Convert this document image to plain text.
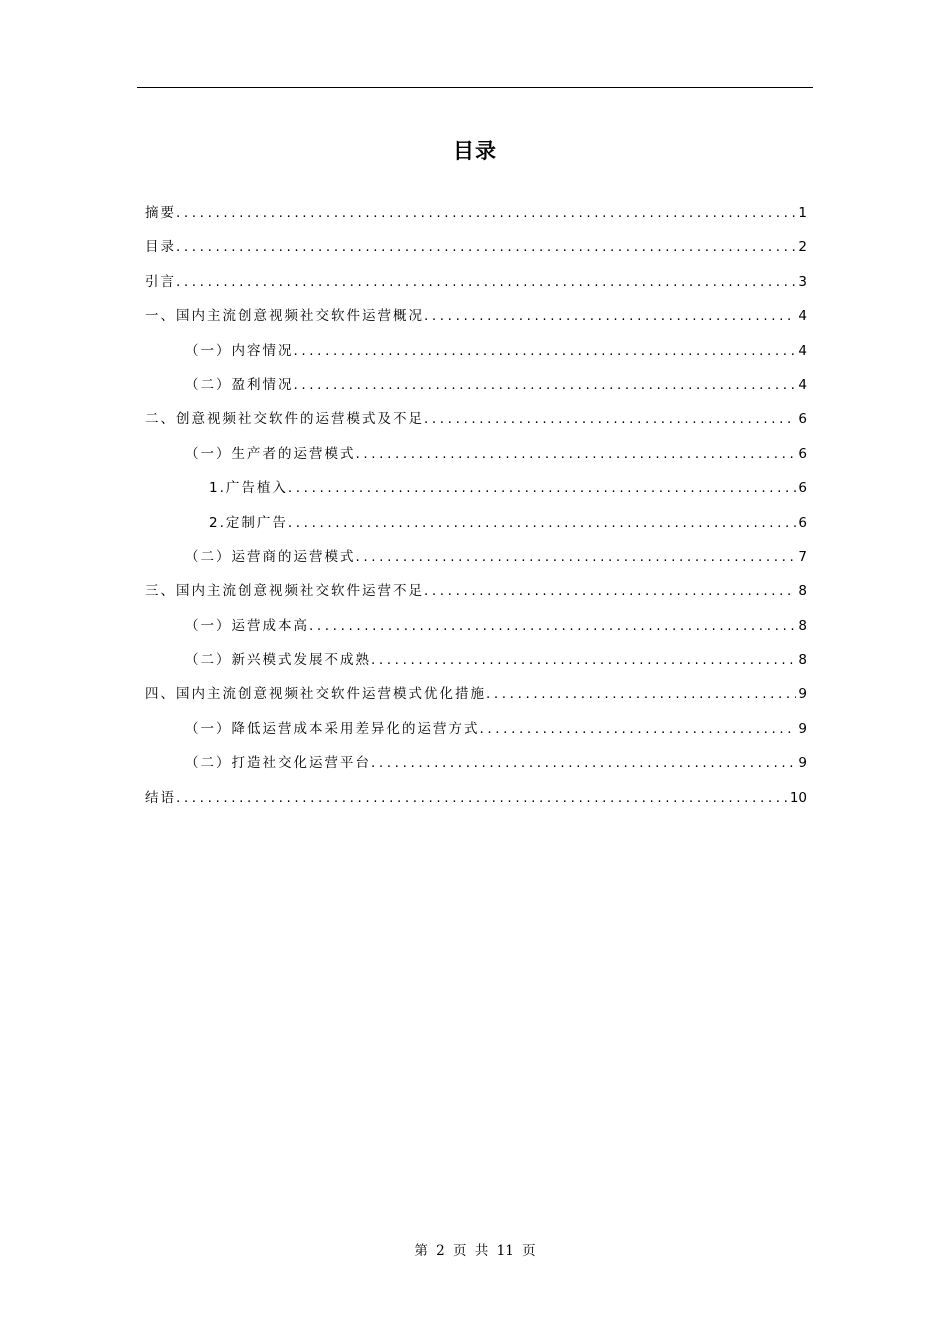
目录
摘要 .....	1
目录 .....	2
引言 .....	3
一、国内主流创意视频社交软件运营概况 .....	4
（一）内容情况 .....	4
（二）盈利情况 .....	4
二、创意视频社交软件的运营模式及不足 .....	6
（一）生产者的运营模式 .....	6
1.广告植入 .....	6
2.定制广告 .....	6
（二）运营商的运营模式 .....	7
三、国内主流创意视频社交软件运营不足 .....	8
（一）运营成本高 .....	8
（二）新兴模式发展不成熟 .....	8
四、国内主流创意视频社交软件运营模式优化措施 .....	9
（一）降低运营成本采用差异化的运营方式 .....	9
（二）打造社交化运营平台 .....	9
结语 .....	10
第 2 页 共 11 页
